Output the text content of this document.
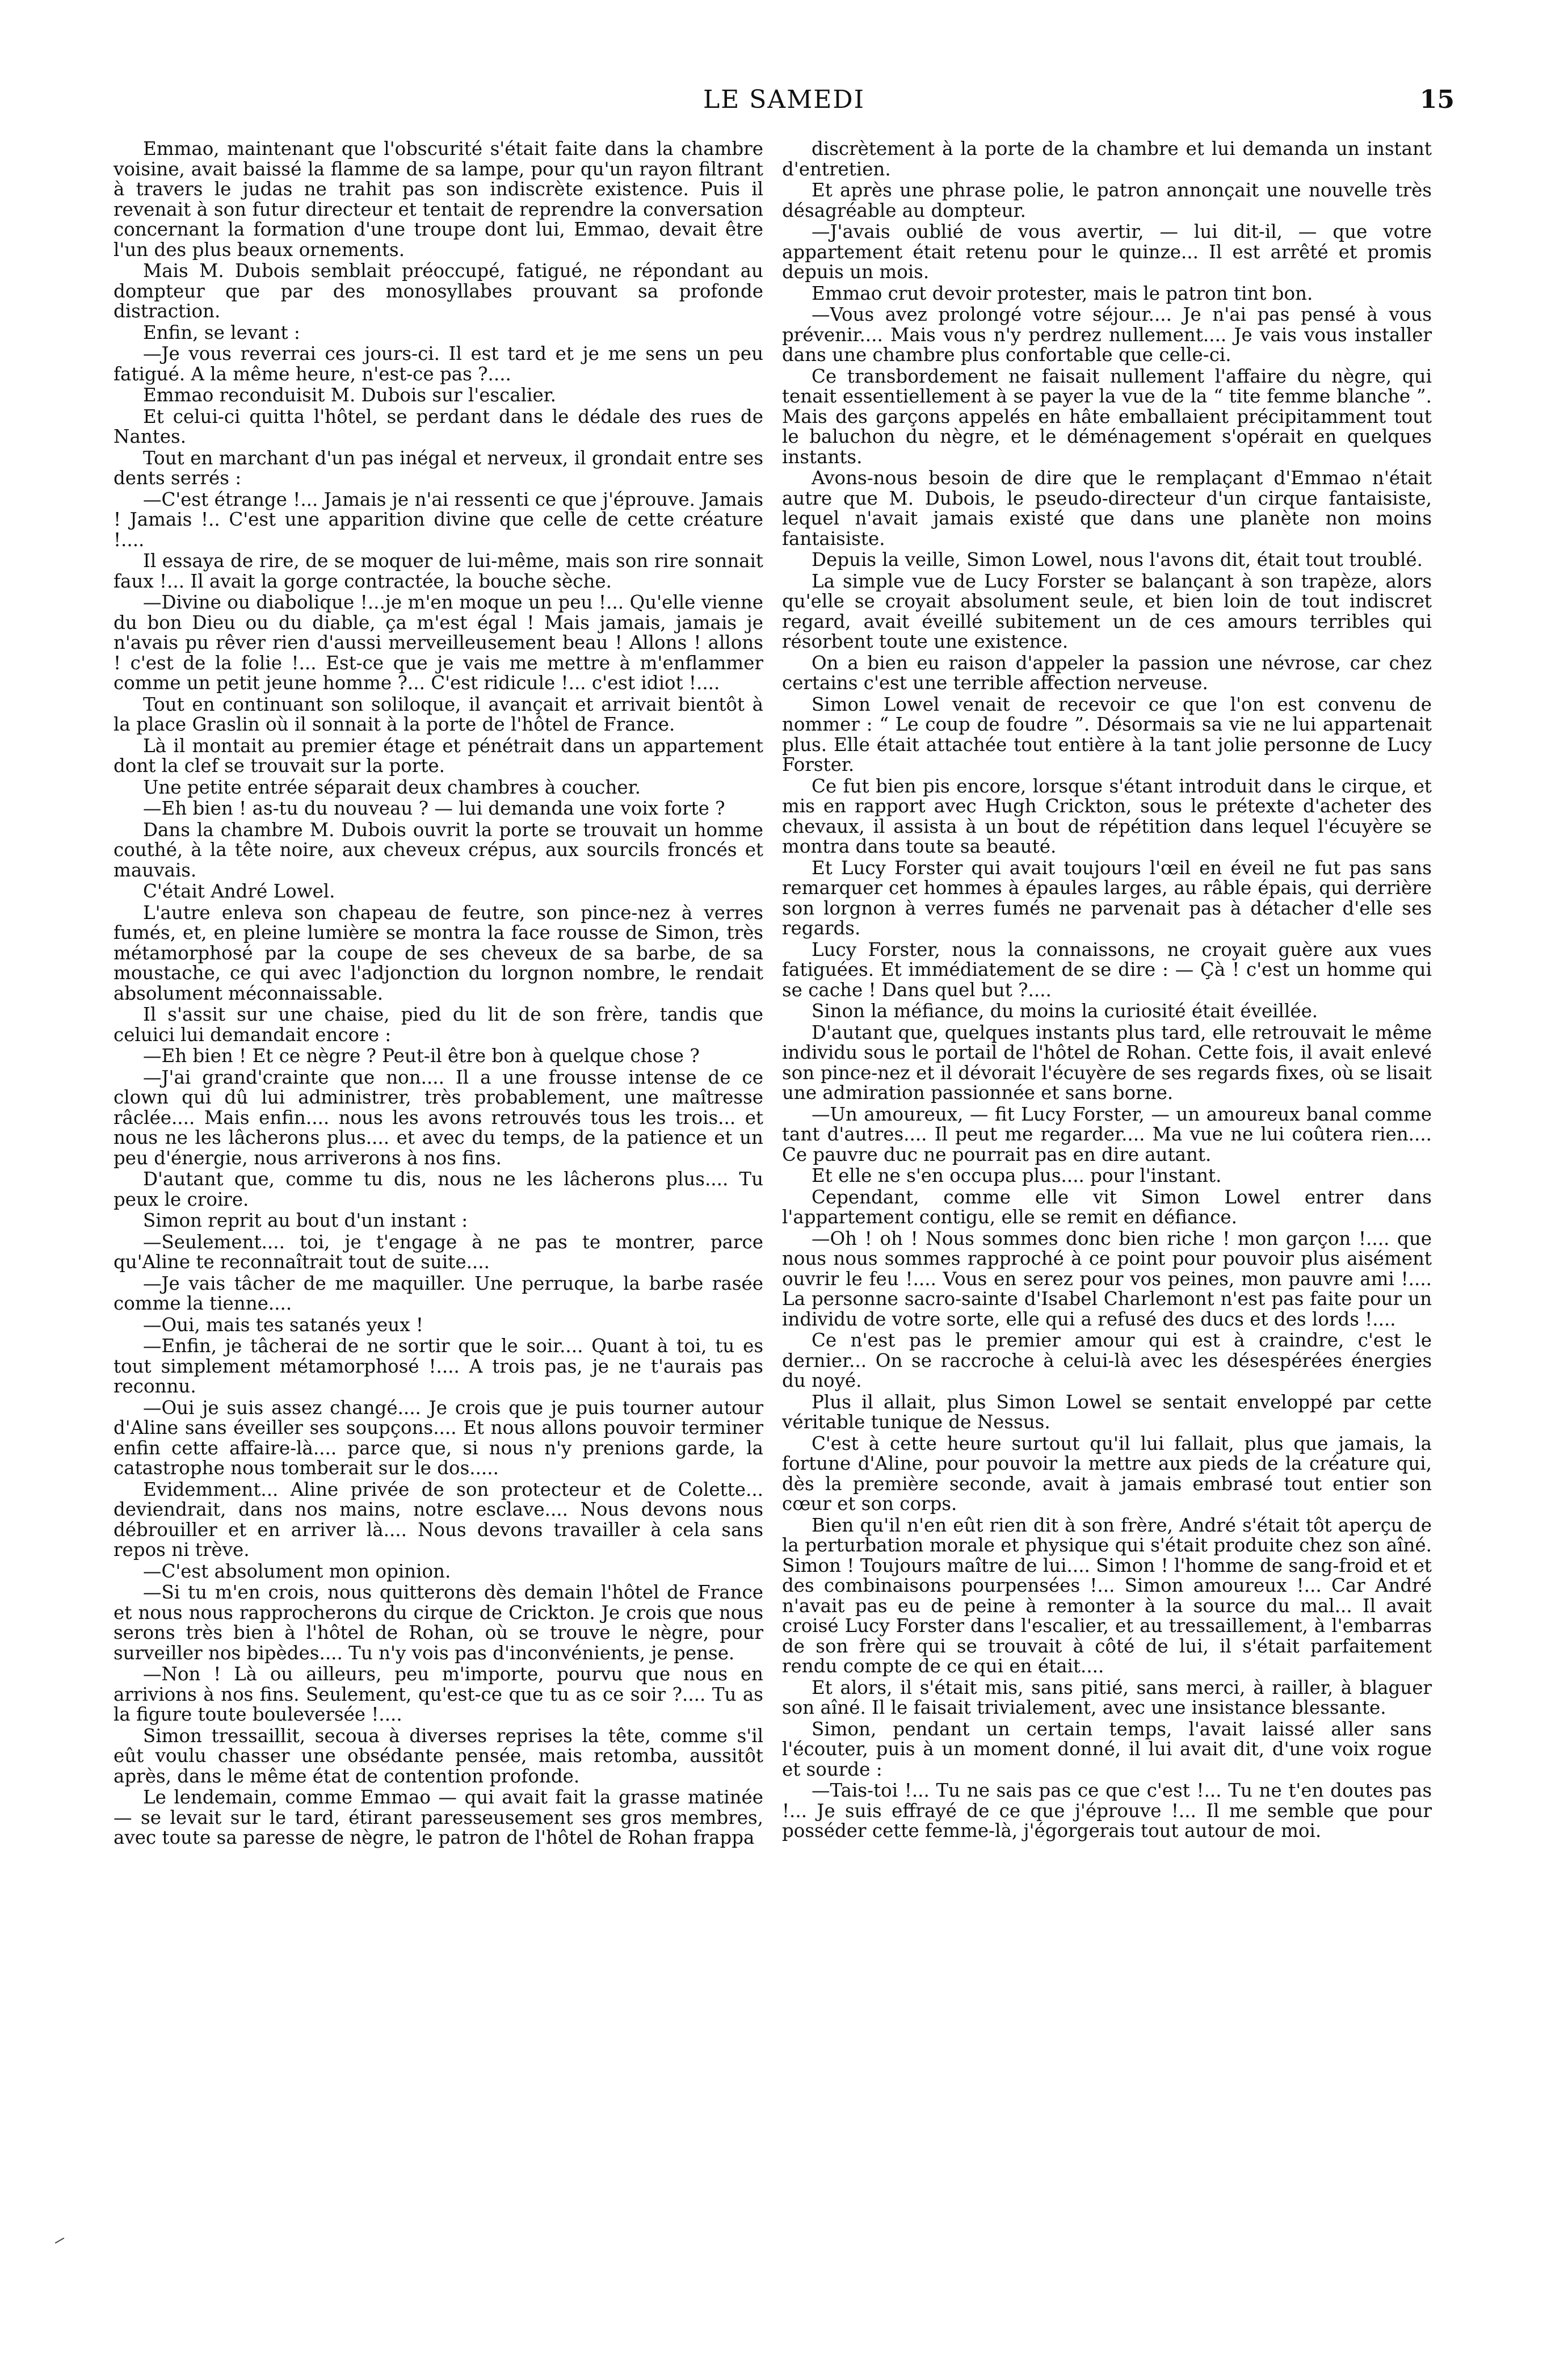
LE SAMEDI	15

Emmao, maintenant que l'obscurité s'était faite dans la chambre voisine, avait baissé la flamme de sa lampe, pour qu'un rayon filtrant à travers le judas ne trahit pas son indiscrète existence. Puis il revenait à son futur directeur et tentait de reprendre la conversation concernant la formation d'une troupe dont lui, Emmao, devait être l'un des plus beaux ornements.

Mais M. Dubois semblait préoccupé, fatigué, ne répondant au dompteur que par des monosyllabes prouvant sa profonde distraction.

Enfin, se levant :

—Je vous reverrai ces jours-ci. Il est tard et je me sens un peu fatigué. A la même heure, n'est-ce pas ?....

Emmao reconduisit M. Dubois sur l'escalier.

Et celui-ci quitta l'hôtel, se perdant dans le dédale des rues de Nantes.

Tout en marchant d'un pas inégal et nerveux, il grondait entre ses dents serrés :

—C'est étrange !... Jamais je n'ai ressenti ce que j'éprouve. Jamais ! Jamais !.. C'est une apparition divine que celle de cette créature !....

Il essaya de rire, de se moquer de lui-même, mais son rire sonnait faux !... Il avait la gorge contractée, la bouche sèche.

—Divine ou diabolique !...je m'en moque un peu !... Qu'elle vienne du bon Dieu ou du diable, ça m'est égal ! Mais jamais, jamais je n'avais pu rêver rien d'aussi merveilleusement beau ! Allons ! allons ! c'est de la folie !... Est-ce que je vais me mettre à m'enflammer comme un petit jeune homme ?... C'est ridicule !... c'est idiot !....

Tout en continuant son soliloque, il avançait et arrivait bientôt à la place Graslin où il sonnait à la porte de l'hôtel de France.

Là il montait au premier étage et pénétrait dans un appartement dont la clef se trouvait sur la porte.

Une petite entrée séparait deux chambres à coucher.

—Eh bien ! as-tu du nouveau ? — lui demanda une voix forte ?

Dans la chambre M. Dubois ouvrit la porte se trouvait un homme couthé, à la tête noire, aux cheveux crépus, aux sourcils froncés et mauvais.

C'était André Lowel.

L'autre enleva son chapeau de feutre, son pince-nez à verres fumés, et, en pleine lumière se montra la face rousse de Simon, très métamorphosé par la coupe de ses cheveux de sa barbe, de sa moustache, ce qui avec l'adjonction du lorgnon nombre, le rendait absolument méconnaissable.

Il s'assit sur une chaise, pied du lit de son frère, tandis que celuici lui demandait encore :

—Eh bien ! Et ce nègre ? Peut-il être bon à quelque chose ?

—J'ai grand'crainte que non.... Il a une frousse intense de ce clown qui dû lui administrer, très probablement, une maîtresse râclée.... Mais enfin.... nous les avons retrouvés tous les trois... et nous ne les lâcherons plus.... et avec du temps, de la patience et un peu d'énergie, nous arriverons à nos fins.

D'autant que, comme tu dis, nous ne les lâcherons plus.... Tu peux le croire.

Simon reprit au bout d'un instant :

—Seulement.... toi, je t'engage à ne pas te montrer, parce qu'Aline te reconnaîtrait tout de suite....

—Je vais tâcher de me maquiller. Une perruque, la barbe rasée comme la tienne....

—Oui, mais tes satanés yeux !

—Enfin, je tâcherai de ne sortir que le soir.... Quant à toi, tu es tout simplement métamorphosé !.... A trois pas, je ne t'aurais pas reconnu.

—Oui je suis assez changé.... Je crois que je puis tourner autour d'Aline sans éveiller ses soupçons.... Et nous allons pouvoir terminer enfin cette affaire-là.... parce que, si nous n'y prenions garde, la catastrophe nous tomberait sur le dos.....

Evidemment... Aline privée de son protecteur et de Colette... deviendrait, dans nos mains, notre esclave.... Nous devons nous débrouiller et en arriver là.... Nous devons travailler à cela sans repos ni trève.

—C'est absolument mon opinion.

—Si tu m'en crois, nous quitterons dès demain l'hôtel de France et nous nous rapprocherons du cirque de Crickton. Je crois que nous serons très bien à l'hôtel de Rohan, où se trouve le nègre, pour surveiller nos bipèdes.... Tu n'y vois pas d'inconvénients, je pense.

—Non ! Là ou ailleurs, peu m'importe, pourvu que nous en arrivions à nos fins. Seulement, qu'est-ce que tu as ce soir ?.... Tu as la figure toute bouleversée !....

Simon tressaillit, secoua à diverses reprises la tête, comme s'il eût voulu chasser une obsédante pensée, mais retomba, aussitôt après, dans le même état de contention profonde.

Le lendemain, comme Emmao — qui avait fait la grasse matinée — se levait sur le tard, étirant paresseusement ses gros membres, avec toute sa paresse de nègre, le patron de l'hôtel de Rohan frappa

discrètement à la porte de la chambre et lui demanda un instant d'entretien.

Et après une phrase polie, le patron annonçait une nouvelle très désagréable au dompteur.

—J'avais oublié de vous avertir, — lui dit-il, — que votre appartement était retenu pour le quinze... Il est arrêté et promis depuis un mois.

Emmao crut devoir protester, mais le patron tint bon.

—Vous avez prolongé votre séjour.... Je n'ai pas pensé à vous prévenir.... Mais vous n'y perdrez nullement.... Je vais vous installer dans une chambre plus confortable que celle-ci.

Ce transbordement ne faisait nullement l'affaire du nègre, qui tenait essentiellement à se payer la vue de la “ tite femme blanche ”. Mais des garçons appelés en hâte emballaient précipitamment tout le baluchon du nègre, et le déménagement s'opérait en quelques instants.

Avons-nous besoin de dire que le remplaçant d'Emmao n'était autre que M. Dubois, le pseudo-directeur d'un cirque fantaisiste, lequel n'avait jamais existé que dans une planète non moins fantaisiste.

Depuis la veille, Simon Lowel, nous l'avons dit, était tout troublé.

La simple vue de Lucy Forster se balançant à son trapèze, alors qu'elle se croyait absolument seule, et bien loin de tout indiscret regard, avait éveillé subitement un de ces amours terribles qui résorbent toute une existence.

On a bien eu raison d'appeler la passion une névrose, car chez certains c'est une terrible affection nerveuse.

Simon Lowel venait de recevoir ce que l'on est convenu de nommer : “ Le coup de foudre ”. Désormais sa vie ne lui appartenait plus. Elle était attachée tout entière à la tant jolie personne de Lucy Forster.

Ce fut bien pis encore, lorsque s'étant introduit dans le cirque, et mis en rapport avec Hugh Crickton, sous le prétexte d'acheter des chevaux, il assista à un bout de répétition dans lequel l'écuyère se montra dans toute sa beauté.

Et Lucy Forster qui avait toujours l'œil en éveil ne fut pas sans remarquer cet hommes à épaules larges, au râble épais, qui derrière son lorgnon à verres fumés ne parvenait pas à détacher d'elle ses regards.

Lucy Forster, nous la connaissons, ne croyait guère aux vues fatiguées. Et immédiatement de se dire : — Çà ! c'est un homme qui se cache ! Dans quel but ?....

Sinon la méfiance, du moins la curiosité était éveillée.

D'autant que, quelques instants plus tard, elle retrouvait le même individu sous le portail de l'hôtel de Rohan. Cette fois, il avait enlevé son pince-nez et il dévorait l'écuyère de ses regards fixes, où se lisait une admiration passionnée et sans borne.

—Un amoureux, — fit Lucy Forster, — un amoureux banal comme tant d'autres.... Il peut me regarder.... Ma vue ne lui coûtera rien.... Ce pauvre duc ne pourrait pas en dire autant.

Et elle ne s'en occupa plus.... pour l'instant.

Cependant, comme elle vit Simon Lowel entrer dans l'appartement contigu, elle se remit en défiance.

—Oh ! oh ! Nous sommes donc bien riche ! mon garçon !.... que nous nous sommes rapproché à ce point pour pouvoir plus aisément ouvrir le feu !.... Vous en serez pour vos peines, mon pauvre ami !.... La personne sacro-sainte d'Isabel Charlemont n'est pas faite pour un individu de votre sorte, elle qui a refusé des ducs et des lords !....

Ce n'est pas le premier amour qui est à craindre, c'est le dernier... On se raccroche à celui-là avec les désespérées énergies du noyé.

Plus il allait, plus Simon Lowel se sentait enveloppé par cette véritable tunique de Nessus.

C'est à cette heure surtout qu'il lui fallait, plus que jamais, la fortune d'Aline, pour pouvoir la mettre aux pieds de la créature qui, dès la première seconde, avait à jamais embrasé tout entier son cœur et son corps.

Bien qu'il n'en eût rien dit à son frère, André s'était tôt aperçu de la perturbation morale et physique qui s'était produite chez son aîné. Simon ! Toujours maître de lui.... Simon ! l'homme de sang-froid et et des combinaisons pourpensées !... Simon amoureux !... Car André n'avait pas eu de peine à remonter à la source du mal... Il avait croisé Lucy Forster dans l'escalier, et au tressaillement, à l'embarras de son frère qui se trouvait à côté de lui, il s'était parfaitement rendu compte de ce qui en était....

Et alors, il s'était mis, sans pitié, sans merci, à railler, à blaguer son aîné. Il le faisait trivialement, avec une insistance blessante.

Simon, pendant un certain temps, l'avait laissé aller sans l'écouter, puis à un moment donné, il lui avait dit, d'une voix rogue et sourde :

—Tais-toi !... Tu ne sais pas ce que c'est !... Tu ne t'en doutes pas !... Je suis effrayé de ce que j'éprouve !... Il me semble que pour posséder cette femme-là, j'égorgerais tout autour de moi.
